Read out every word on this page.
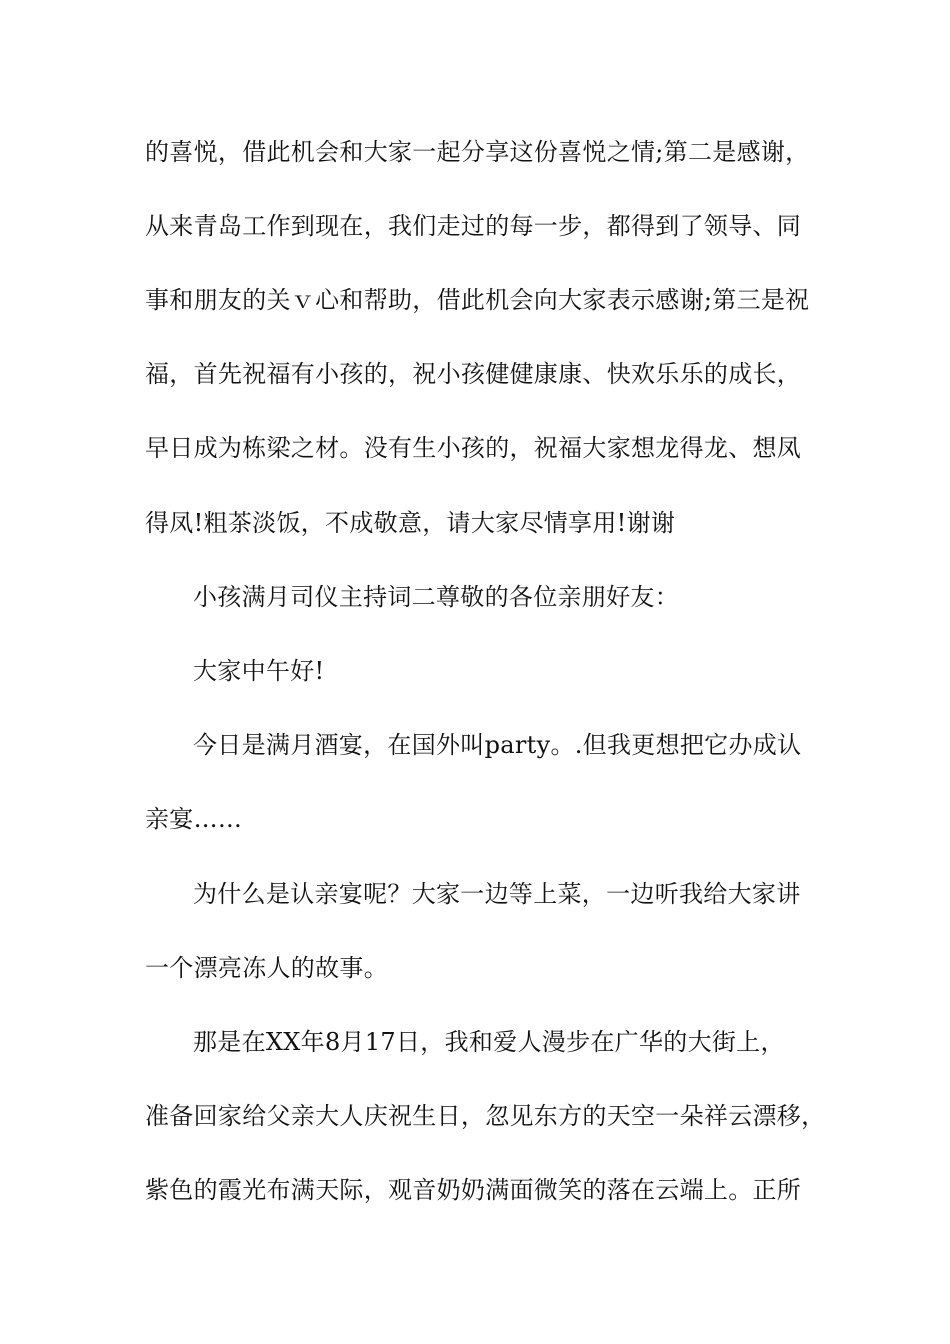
的喜悦，借此机会和大家一起分享这份喜悦之情;第二是感谢，
从来青岛工作到现在，我们走过的每一步，都得到了领导、同
事和朋友的关ｖ心和帮助，借此机会向大家表示感谢;第三是祝
福，首先祝福有小孩的，祝小孩健健康康、快欢乐乐的成长，
早日成为栋梁之材。没有生小孩的，祝福大家想龙得龙、想凤
得凤!粗茶淡饭，不成敬意，请大家尽情享用!谢谢
小孩满月司仪主持词二尊敬的各位亲朋好友：
大家中午好!
今日是满月酒宴，在国外叫party。.但我更想把它办成认
亲宴……
为什么是认亲宴呢？大家一边等上菜，一边听我给大家讲
一个漂亮冻人的故事。
那是在XX年8月17日，我和爱人漫步在广华的大街上，
准备回家给父亲大人庆祝生日，忽见东方的天空一朵祥云漂移，
紫色的霞光布满天际，观音奶奶满面微笑的落在云端上。正所
